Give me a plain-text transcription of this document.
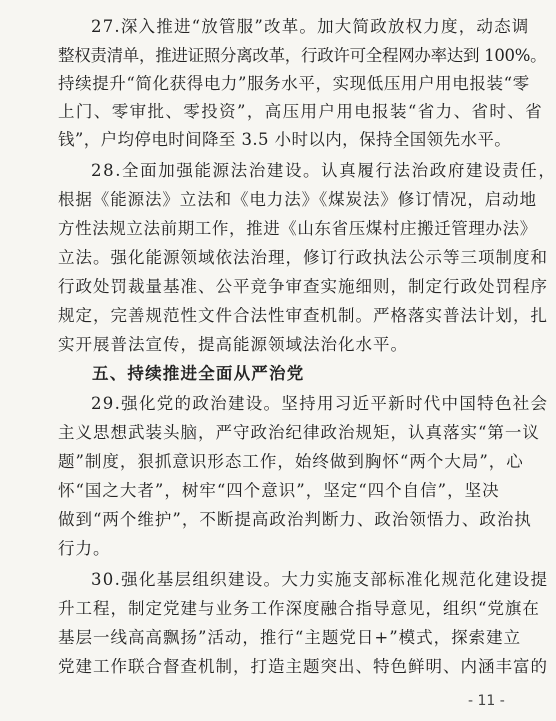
27.深入推进“放管服”改革。加大简政放权力度，动态调
整权责清单，推进证照分离改革，行政许可全程网办率达到 100%。
持续提升“简化获得电力”服务水平，实现低压用户用电报装“零
上门、零审批、零投资”，高压用户用电报装“省力、省时、省
钱”，户均停电时间降至 3.5 小时以内，保持全国领先水平。
28.全面加强能源法治建设。认真履行法治政府建设责任，
根据《能源法》立法和《电力法》《煤炭法》修订情况，启动地
方性法规立法前期工作，推进《山东省压煤村庄搬迁管理办法》
立法。强化能源领域依法治理，修订行政执法公示等三项制度和
行政处罚裁量基准、公平竞争审查实施细则，制定行政处罚程序
规定，完善规范性文件合法性审查机制。严格落实普法计划，扎
实开展普法宣传，提高能源领域法治化水平。
五、持续推进全面从严治党
29.强化党的政治建设。坚持用习近平新时代中国特色社会
主义思想武装头脑，严守政治纪律政治规矩，认真落实“第一议
题”制度，狠抓意识形态工作，始终做到胸怀“两个大局”，心
怀“国之大者”，树牢“四个意识”，坚定“四个自信”，坚决
做到“两个维护”，不断提高政治判断力、政治领悟力、政治执
行力。
30.强化基层组织建设。大力实施支部标准化规范化建设提
升工程，制定党建与业务工作深度融合指导意见，组织“党旗在
基层一线高高飘扬”活动，推行“主题党日+”模式，探索建立
党建工作联合督查机制，打造主题突出、特色鲜明、内涵丰富的
- 11 -
